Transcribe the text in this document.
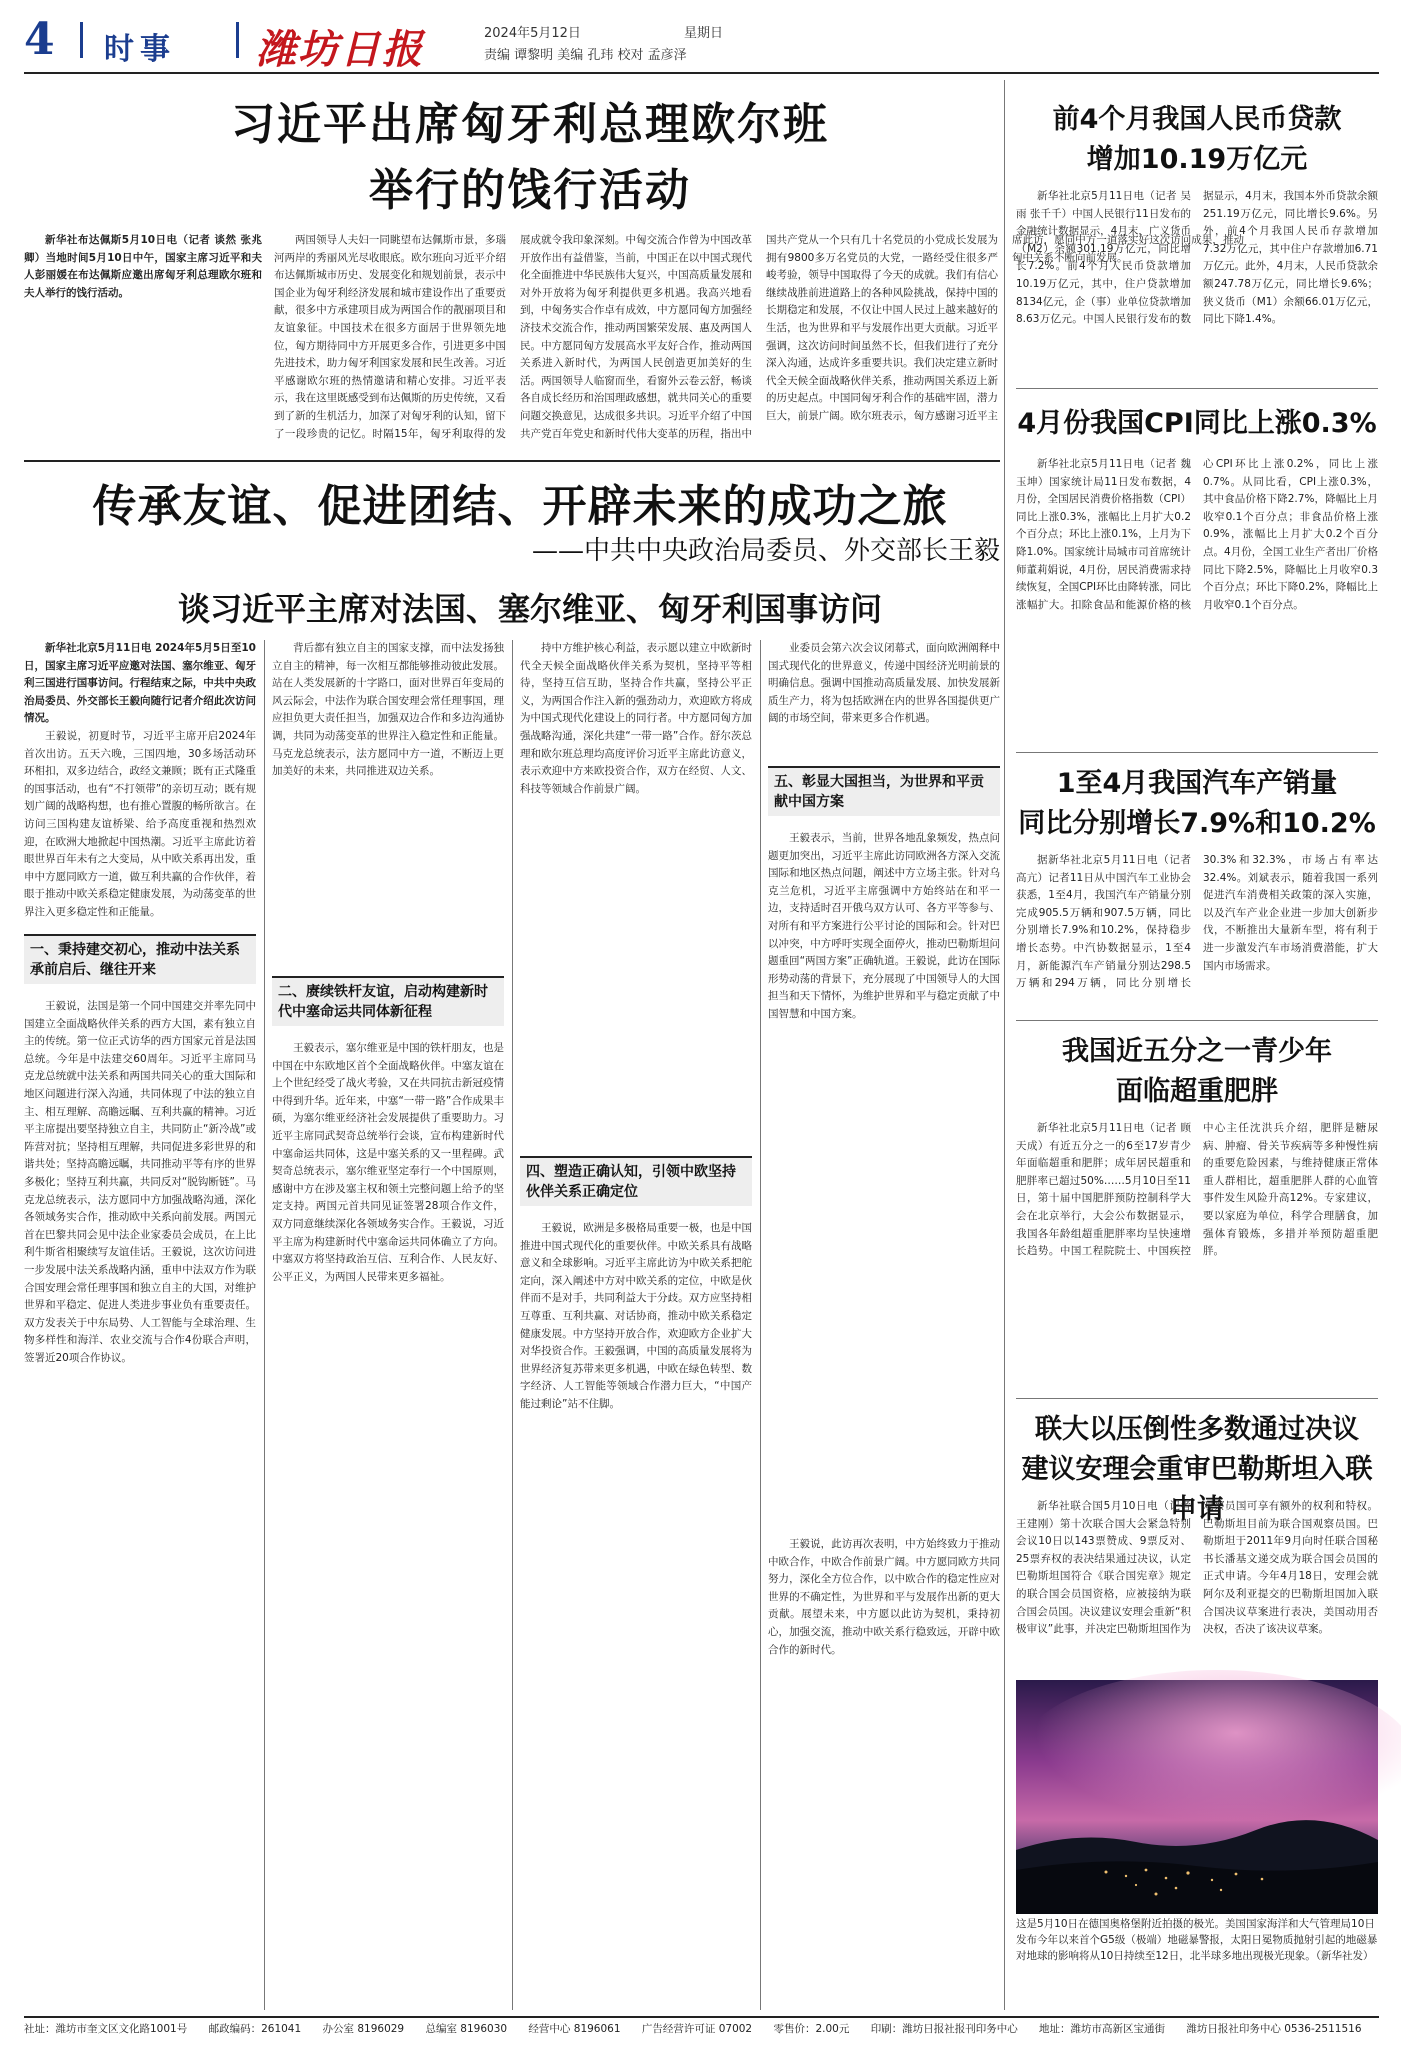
4 时事 潍坊日报	2024年5月12日	星期日
责编 谭黎明 美编 孔玮 校对 孟彦泽
习近平出席匈牙利总理欧尔班
举行的饯行活动

新华社布达佩斯5月10日电（记者 谈然 张兆卿）当地时间5月10日中午，国家主席习近平和夫人彭丽媛在布达佩斯应邀出席匈牙利总理欧尔班和夫人举行的饯行活动。

两国领导人夫妇一同眺望布达佩斯市景，多瑙河两岸的秀丽风光尽收眼底。欧尔班向习近平介绍布达佩斯城市历史、发展变化和规划前景，表示中国企业为匈牙利经济发展和城市建设作出了重要贡献，很多中方承建项目成为两国合作的靓丽项目和友谊象征。中国技术在很多方面居于世界领先地位，匈方期待同中方开展更多合作，引进更多中国先进技术，助力匈牙利国家发展和民生改善。习近平感谢欧尔班的热情邀请和精心安排。习近平表示，我在这里既感受到布达佩斯的历史传统，又看到了新的生机活力，加深了对匈牙利的认知，留下了一段珍贵的记忆。时隔15年，匈牙利取得的发展成就令我印象深刻。中匈交流合作曾为中国改革开放作出有益借鉴，当前，中国正在以中国式现代化全面推进中华民族伟大复兴，中国高质量发展和对外开放将为匈牙利提供更多机遇。我高兴地看到，中匈务实合作卓有成效，中方愿同匈方加强经济技术交流合作，推动两国繁荣发展、惠及两国人民。中方愿同匈方发展高水平友好合作，推动两国关系进入新时代，为两国人民创造更加美好的生活。两国领导人临窗而坐，看窗外云卷云舒，畅谈各自成长经历和治国理政感想，就共同关心的重要问题交换意见，达成很多共识。习近平介绍了中国共产党百年党史和新时代伟大变革的历程，指出中国共产党从一个只有几十名党员的小党成长发展为拥有9800多万名党员的大党，一路经受住很多严峻考验，领导中国取得了今天的成就。我们有信心继续战胜前进道路上的各种风险挑战，保持中国的长期稳定和发展，不仅让中国人民过上越来越好的生活，也为世界和平与发展作出更大贡献。习近平强调，这次访问时间虽然不长，但我们进行了充分深入沟通，达成许多重要共识。我们决定建立新时代全天候全面战略伙伴关系，推动两国关系迈上新的历史起点。中国同匈牙利合作的基础牢固，潜力巨大，前景广阔。欧尔班表示，匈方感谢习近平主席此访，愿同中方一道落实好这次访问成果，推动匈中关系不断向前发展。

传承友谊、促进团结、开辟未来的成功之旅
——中共中央政治局委员、外交部长王毅
谈习近平主席对法国、塞尔维亚、匈牙利国事访问

新华社北京5月11日电 2024年5月5日至10日，国家主席习近平应邀对法国、塞尔维亚、匈牙利三国进行国事访问。行程结束之际，中共中央政治局委员、外交部长王毅向随行记者介绍此次访问情况。

王毅说，初夏时节，习近平主席开启2024年首次出访。五天六晚，三国四地，30多场活动环环相扣，双多边结合，政经文兼顾；既有正式隆重的国事活动，也有“不打领带”的亲切互动；既有规划广阔的战略构想，也有推心置腹的畅所欲言。在访问三国构建友谊桥梁、给予高度重视和热烈欢迎，在欧洲大地掀起中国热潮。习近平主席此访着眼世界百年未有之大变局，从中欧关系再出发，重申中方愿同欧方一道，做互利共赢的合作伙伴，着眼于推动中欧关系稳定健康发展，为动荡变革的世界注入更多稳定性和正能量。

一、秉持建交初心，推动中法关系承前启后、继往开来

王毅说，法国是第一个同中国建交并率先同中国建立全面战略伙伴关系的西方大国，素有独立自主的传统。第一位正式访华的西方国家元首是法国总统。今年是中法建交60周年。习近平主席同马克龙总统就中法关系和两国共同关心的重大国际和地区问题进行深入沟通，共同体现了中法的独立自主、相互理解、高瞻远瞩、互利共赢的精神。习近平主席提出要坚持独立自主，共同防止“新冷战”或阵营对抗；坚持相互理解，共同促进多彩世界的和谐共处；坚持高瞻远瞩，共同推动平等有序的世界多极化；坚持互利共赢，共同反对“脱钩断链”。马克龙总统表示，法方愿同中方加强战略沟通，深化各领域务实合作，推动欧中关系向前发展。两国元首在巴黎共同会见中法企业家委员会成员，在上比利牛斯省相聚续写友谊佳话。王毅说，这次访问进一步发展中法关系战略内涵，重申中法双方作为联合国安理会常任理事国和独立自主的大国，对维护世界和平稳定、促进人类进步事业负有重要责任。双方发表关于中东局势、人工智能与全球治理、生物多样性和海洋、农业交流与合作4份联合声明，签署近20项合作协议。

背后都有独立自主的国家支撑，而中法发扬独立自主的精神，每一次相互都能够推动彼此发展。站在人类发展新的十字路口，面对世界百年变局的风云际会，中法作为联合国安理会常任理事国，理应担负更大责任担当，加强双边合作和多边沟通协调，共同为动荡变革的世界注入稳定性和正能量。马克龙总统表示，法方愿同中方一道，不断迈上更加美好的未来，共同推进双边关系。

二、赓续铁杆友谊，启动构建新时代中塞命运共同体新征程

王毅表示，塞尔维亚是中国的铁杆朋友，也是中国在中东欧地区首个全面战略伙伴。中塞友谊在上个世纪经受了战火考验，又在共同抗击新冠疫情中得到升华。近年来，中塞“一带一路”合作成果丰硕，为塞尔维亚经济社会发展提供了重要助力。习近平主席同武契奇总统举行会谈，宣布构建新时代中塞命运共同体，这是中塞关系的又一里程碑。武契奇总统表示，塞尔维亚坚定奉行一个中国原则，感谢中方在涉及塞主权和领土完整问题上给予的坚定支持。两国元首共同见证签署28项合作文件，双方同意继续深化各领域务实合作。王毅说，习近平主席为构建新时代中塞命运共同体确立了方向。中塞双方将坚持政治互信、互利合作、人民友好、公平正义，为两国人民带来更多福祉。

持中方维护核心利益，表示愿以建立中欧新时代全天候全面战略伙伴关系为契机，坚持平等相待，坚持互信互助，坚持合作共赢，坚持公平正义，为两国合作注入新的强劲动力，欢迎欧方将成为中国式现代化建设上的同行者。中方愿同匈方加强战略沟通，深化共建“一带一路”合作。舒尔茨总理和欧尔班总理均高度评价习近平主席此访意义，表示欢迎中方来欧投资合作，双方在经贸、人文、科技等领域合作前景广阔。

四、塑造正确认知，引领中欧坚持伙伴关系正确定位

王毅说，欧洲是多极格局重要一极，也是中国推进中国式现代化的重要伙伴。中欧关系具有战略意义和全球影响。习近平主席此访为中欧关系把舵定向，深入阐述中方对中欧关系的定位，中欧是伙伴而不是对手，共同利益大于分歧。双方应坚持相互尊重、互利共赢、对话协商，推动中欧关系稳定健康发展。中方坚持开放合作，欢迎欧方企业扩大对华投资合作。王毅强调，中国的高质量发展将为世界经济复苏带来更多机遇，中欧在绿色转型、数字经济、人工智能等领域合作潜力巨大，“中国产能过剩论”站不住脚。

业委员会第六次会议闭幕式，面向欧洲阐释中国式现代化的世界意义，传递中国经济光明前景的明确信息。强调中国推动高质量发展、加快发展新质生产力，将为包括欧洲在内的世界各国提供更广阔的市场空间，带来更多合作机遇。

五、彰显大国担当，为世界和平贡献中国方案

王毅表示，当前，世界各地乱象频发，热点问题更加突出，习近平主席此访同欧洲各方深入交流国际和地区热点问题，阐述中方立场主张。针对乌克兰危机，习近平主席强调中方始终站在和平一边，支持适时召开俄乌双方认可、各方平等参与、对所有和平方案进行公平讨论的国际和会。针对巴以冲突，中方呼吁实现全面停火，推动巴勒斯坦问题重回“两国方案”正确轨道。王毅说，此访在国际形势动荡的背景下，充分展现了中国领导人的大国担当和天下情怀，为维护世界和平与稳定贡献了中国智慧和中国方案。

王毅说，此访再次表明，中方始终致力于推动中欧合作，中欧合作前景广阔。中方愿同欧方共同努力，深化全方位合作，以中欧合作的稳定性应对世界的不确定性，为世界和平与发展作出新的更大贡献。展望未来，中方愿以此访为契机，秉持初心，加强交流，推动中欧关系行稳致远，开辟中欧合作的新时代。

前4个月我国人民币贷款
增加10.19万亿元

新华社北京5月11日电（记者 吴雨 张千千）中国人民银行11日发布的金融统计数据显示，4月末，广义货币（M2）余额301.19万亿元，同比增长7.2%。前4个月人民币贷款增加10.19万亿元，其中，住户贷款增加8134亿元，企（事）业单位贷款增加8.63万亿元。中国人民银行发布的数据显示，4月末，我国本外币贷款余额251.19万亿元，同比增长9.6%。另外，前4个月我国人民币存款增加7.32万亿元，其中住户存款增加6.71万亿元。此外，4月末，人民币贷款余额247.78万亿元，同比增长9.6%；狭义货币（M1）余额66.01万亿元，同比下降1.4%。

4月份我国CPI同比上涨0.3%

新华社北京5月11日电（记者 魏玉坤）国家统计局11日发布数据，4月份，全国居民消费价格指数（CPI）同比上涨0.3%，涨幅比上月扩大0.2个百分点；环比上涨0.1%，上月为下降1.0%。国家统计局城市司首席统计师董莉娟说，4月份，居民消费需求持续恢复，全国CPI环比由降转涨，同比涨幅扩大。扣除食品和能源价格的核心CPI环比上涨0.2%，同比上涨0.7%。从同比看，CPI上涨0.3%，其中食品价格下降2.7%，降幅比上月收窄0.1个百分点；非食品价格上涨0.9%，涨幅比上月扩大0.2个百分点。4月份，全国工业生产者出厂价格同比下降2.5%，降幅比上月收窄0.3个百分点；环比下降0.2%，降幅比上月收窄0.1个百分点。

1至4月我国汽车产销量
同比分别增长7.9%和10.2%

据新华社北京5月11日电（记者 高亢）记者11日从中国汽车工业协会获悉，1至4月，我国汽车产销量分别完成905.5万辆和907.5万辆，同比分别增长7.9%和10.2%，保持稳步增长态势。中汽协数据显示，1至4月，新能源汽车产销量分别达298.5万辆和294万辆，同比分别增长30.3%和32.3%，市场占有率达32.4%。刘斌表示，随着我国一系列促进汽车消费相关政策的深入实施，以及汽车产业企业进一步加大创新步伐，不断推出大量新车型，将有利于进一步激发汽车市场消费潜能，扩大国内市场需求。

我国近五分之一青少年
面临超重肥胖

新华社北京5月11日电（记者 顾天成）有近五分之一的6至17岁青少年面临超重和肥胖；成年居民超重和肥胖率已超过50%……5月10日至11日，第十届中国肥胖预防控制科学大会在北京举行，大会公布数据显示，我国各年龄组超重肥胖率均呈快速增长趋势。中国工程院院士、中国疾控中心主任沈洪兵介绍，肥胖是糖尿病、肿瘤、骨关节疾病等多种慢性病的重要危险因素，与维持健康正常体重人群相比，超重肥胖人群的心血管事件发生风险升高12%。专家建议，要以家庭为单位，科学合理膳食，加强体育锻炼，多措并举预防超重肥胖。

联大以压倒性多数通过决议
建议安理会重审巴勒斯坦入联申请

新华社联合国5月10日电（记者 王建刚）第十次联合国大会紧急特别会议10日以143票赞成、9票反对、25票弃权的表决结果通过决议，认定巴勒斯坦国符合《联合国宪章》规定的联合国会员国资格，应被接纳为联合国会员国。决议建议安理会重新“积极审议”此事，并决定巴勒斯坦国作为观察员国可享有额外的权利和特权。巴勒斯坦目前为联合国观察员国。巴勒斯坦于2011年9月向时任联合国秘书长潘基文递交成为联合国会员国的正式申请。今年4月18日，安理会就阿尔及利亚提交的巴勒斯坦国加入联合国决议草案进行表决，美国动用否决权，否决了该决议草案。

这是5月10日在德国奥格堡附近拍摄的极光。美国国家海洋和大气管理局10日发布今年以来首个G5级（极端）地磁暴警报，太阳日冕物质抛射引起的地磁暴对地球的影响将从10日持续至12日，北半球多地出现极光现象。（新华社发）
社址：潍坊市奎文区文化路1001号 邮政编码：261041 办公室 8196029 总编室 8196030 经营中心 8196061 广告经营许可证 07002 零售价：2.00元 印刷：潍坊日报社报刊印务中心 地址：潍坊市高新区宝通街 潍坊日报社印务中心 0536-2511516
